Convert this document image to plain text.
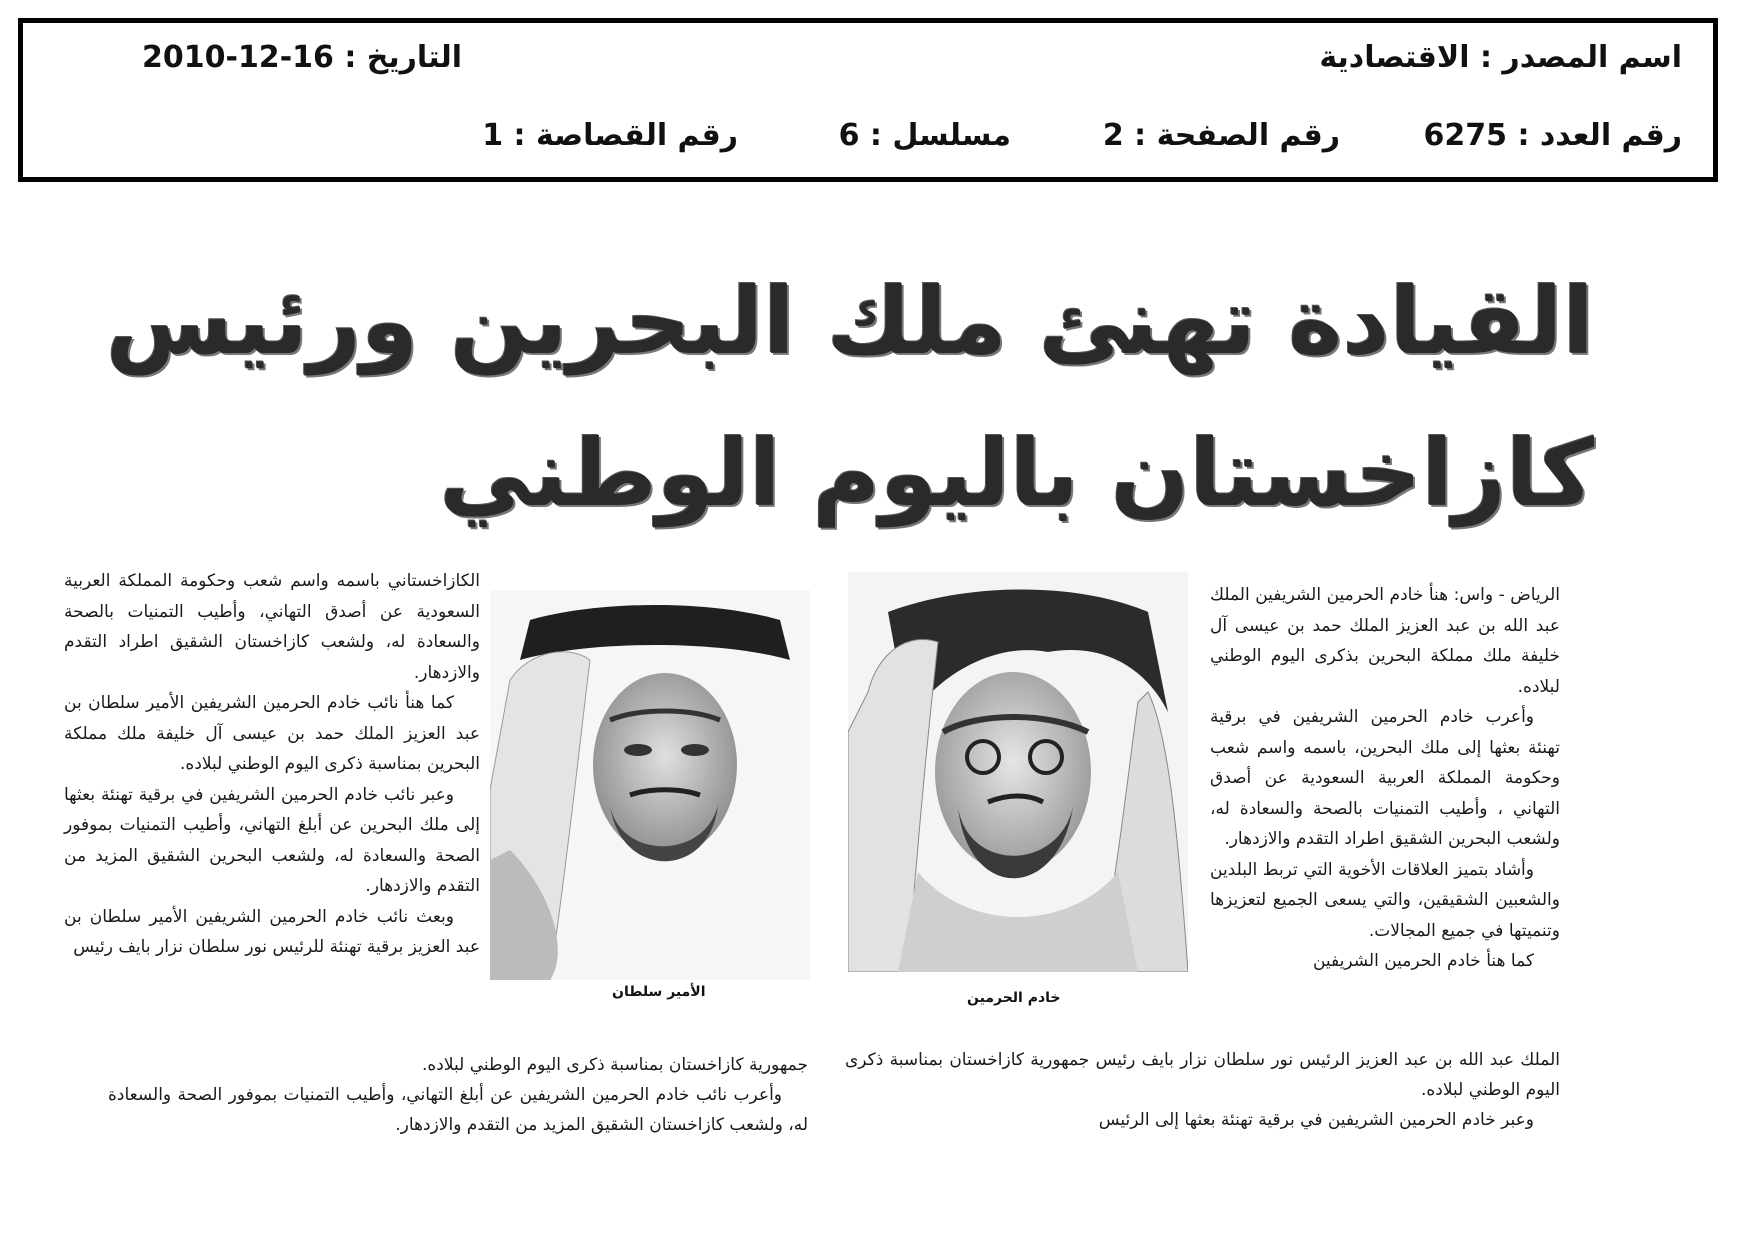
اسم المصدر : الاقتصادية
التاريخ : 16-12-2010
رقم العدد : 6275
رقم الصفحة : 2
مسلسل : 6
رقم القصاصة : 1
القيادة تهنئ ملك البحرين ورئيس
كازاخستان باليوم الوطني

الرياض - واس: هنأ خادم الحرمين الشريفين الملك عبد الله بن عبد العزيز الملك حمد بن عيسى آل خليفة ملك مملكة البحرين بذكرى اليوم الوطني لبلاده.

وأعرب خادم الحرمين الشريفين في برقية تهنئة بعثها إلى ملك البحرين، باسمه واسم شعب وحكومة المملكة العربية السعودية عن أصدق التهاني ، وأطيب التمنيات بالصحة والسعادة له، ولشعب البحرين الشقيق اطراد التقدم والازدهار.

وأشاد بتميز العلاقات الأخوية التي تربط البلدين والشعبين الشقيقين، والتي يسعى الجميع لتعزيزها وتنميتها في جميع المجالات.

كما هنأ خادم الحرمين الشريفين

الملك عبد الله بن عبد العزيز الرئيس نور سلطان نزار بايف رئيس جمهورية كازاخستان بمناسبة ذكرى اليوم الوطني لبلاده.

وعبر خادم الحرمين الشريفين في برقية تهنئة بعثها إلى الرئيس

الكازاخستاني باسمه واسم شعب وحكومة المملكة العربية السعودية عن أصدق التهاني، وأطيب التمنيات بالصحة والسعادة له، ولشعب كازاخستان الشقيق اطراد التقدم والازدهار.

كما هنأ نائب خادم الحرمين الشريفين الأمير سلطان بن عبد العزيز الملك حمد بن عيسى آل خليفة ملك مملكة البحرين بمناسبة ذكرى اليوم الوطني لبلاده.

وعبر نائب خادم الحرمين الشريفين في برقية تهنئة بعثها إلى ملك البحرين عن أبلغ التهاني، وأطيب التمنيات بموفور الصحة والسعادة له، ولشعب البحرين الشقيق المزيد من التقدم والازدهار.

وبعث نائب خادم الحرمين الشريفين الأمير سلطان بن عبد العزيز برقية تهنئة للرئيس نور سلطان نزار بايف رئيس

جمهورية كازاخستان بمناسبة ذكرى اليوم الوطني لبلاده.

وأعرب نائب خادم الحرمين الشريفين عن أبلغ التهاني، وأطيب التمنيات بموفور الصحة والسعادة له، ولشعب كازاخستان الشقيق المزيد من التقدم والازدهار.

خادم الحرمين
الأمير سلطان
